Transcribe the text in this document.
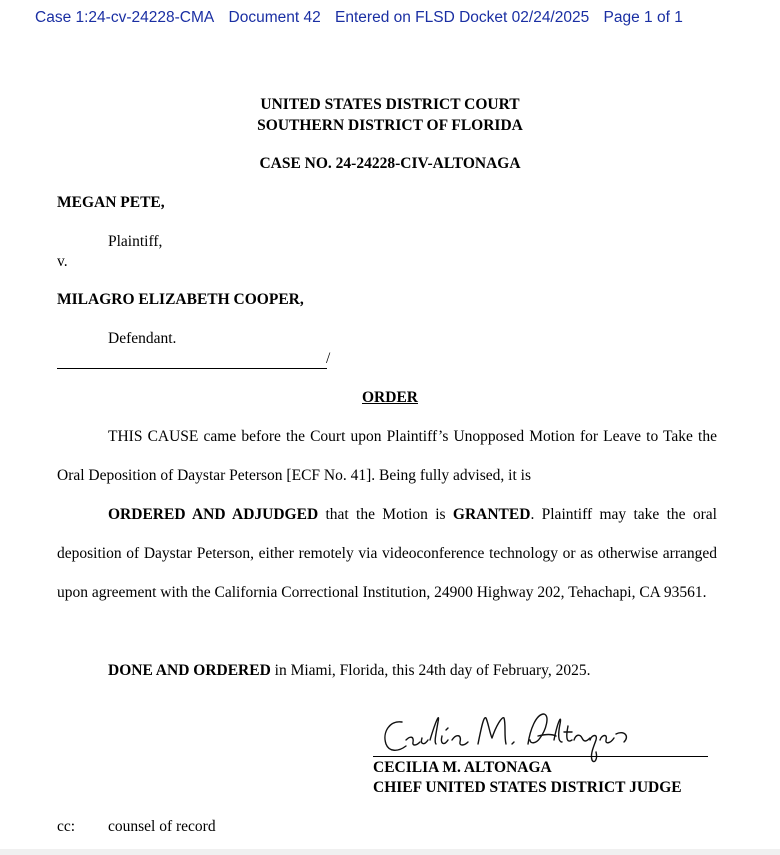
Case 1:24-cv-24228-CMA Document 42 Entered on FLSD Docket 02/24/2025 Page 1 of 1
UNITED STATES DISTRICT COURT
SOUTHERN DISTRICT OF FLORIDA
CASE NO. 24-24228-CIV-ALTONAGA
MEGAN PETE,
Plaintiff,
v.
MILAGRO ELIZABETH COOPER,
Defendant.
/
ORDER
THIS CAUSE came before the Court upon Plaintiff’s Unopposed Motion for Leave to Take the Oral Deposition of Daystar Peterson [ECF No. 41]. Being fully advised, it is
ORDERED AND ADJUDGED that the Motion is GRANTED. Plaintiff may take the oral deposition of Daystar Peterson, either remotely via videoconference technology or as otherwise arranged upon agreement with the California Correctional Institution, 24900 Highway 202, Tehachapi, CA 93561.
DONE AND ORDERED in Miami, Florida, this 24th day of February, 2025.
CECILIA M. ALTONAGA
CHIEF UNITED STATES DISTRICT JUDGE
cc: counsel of record
